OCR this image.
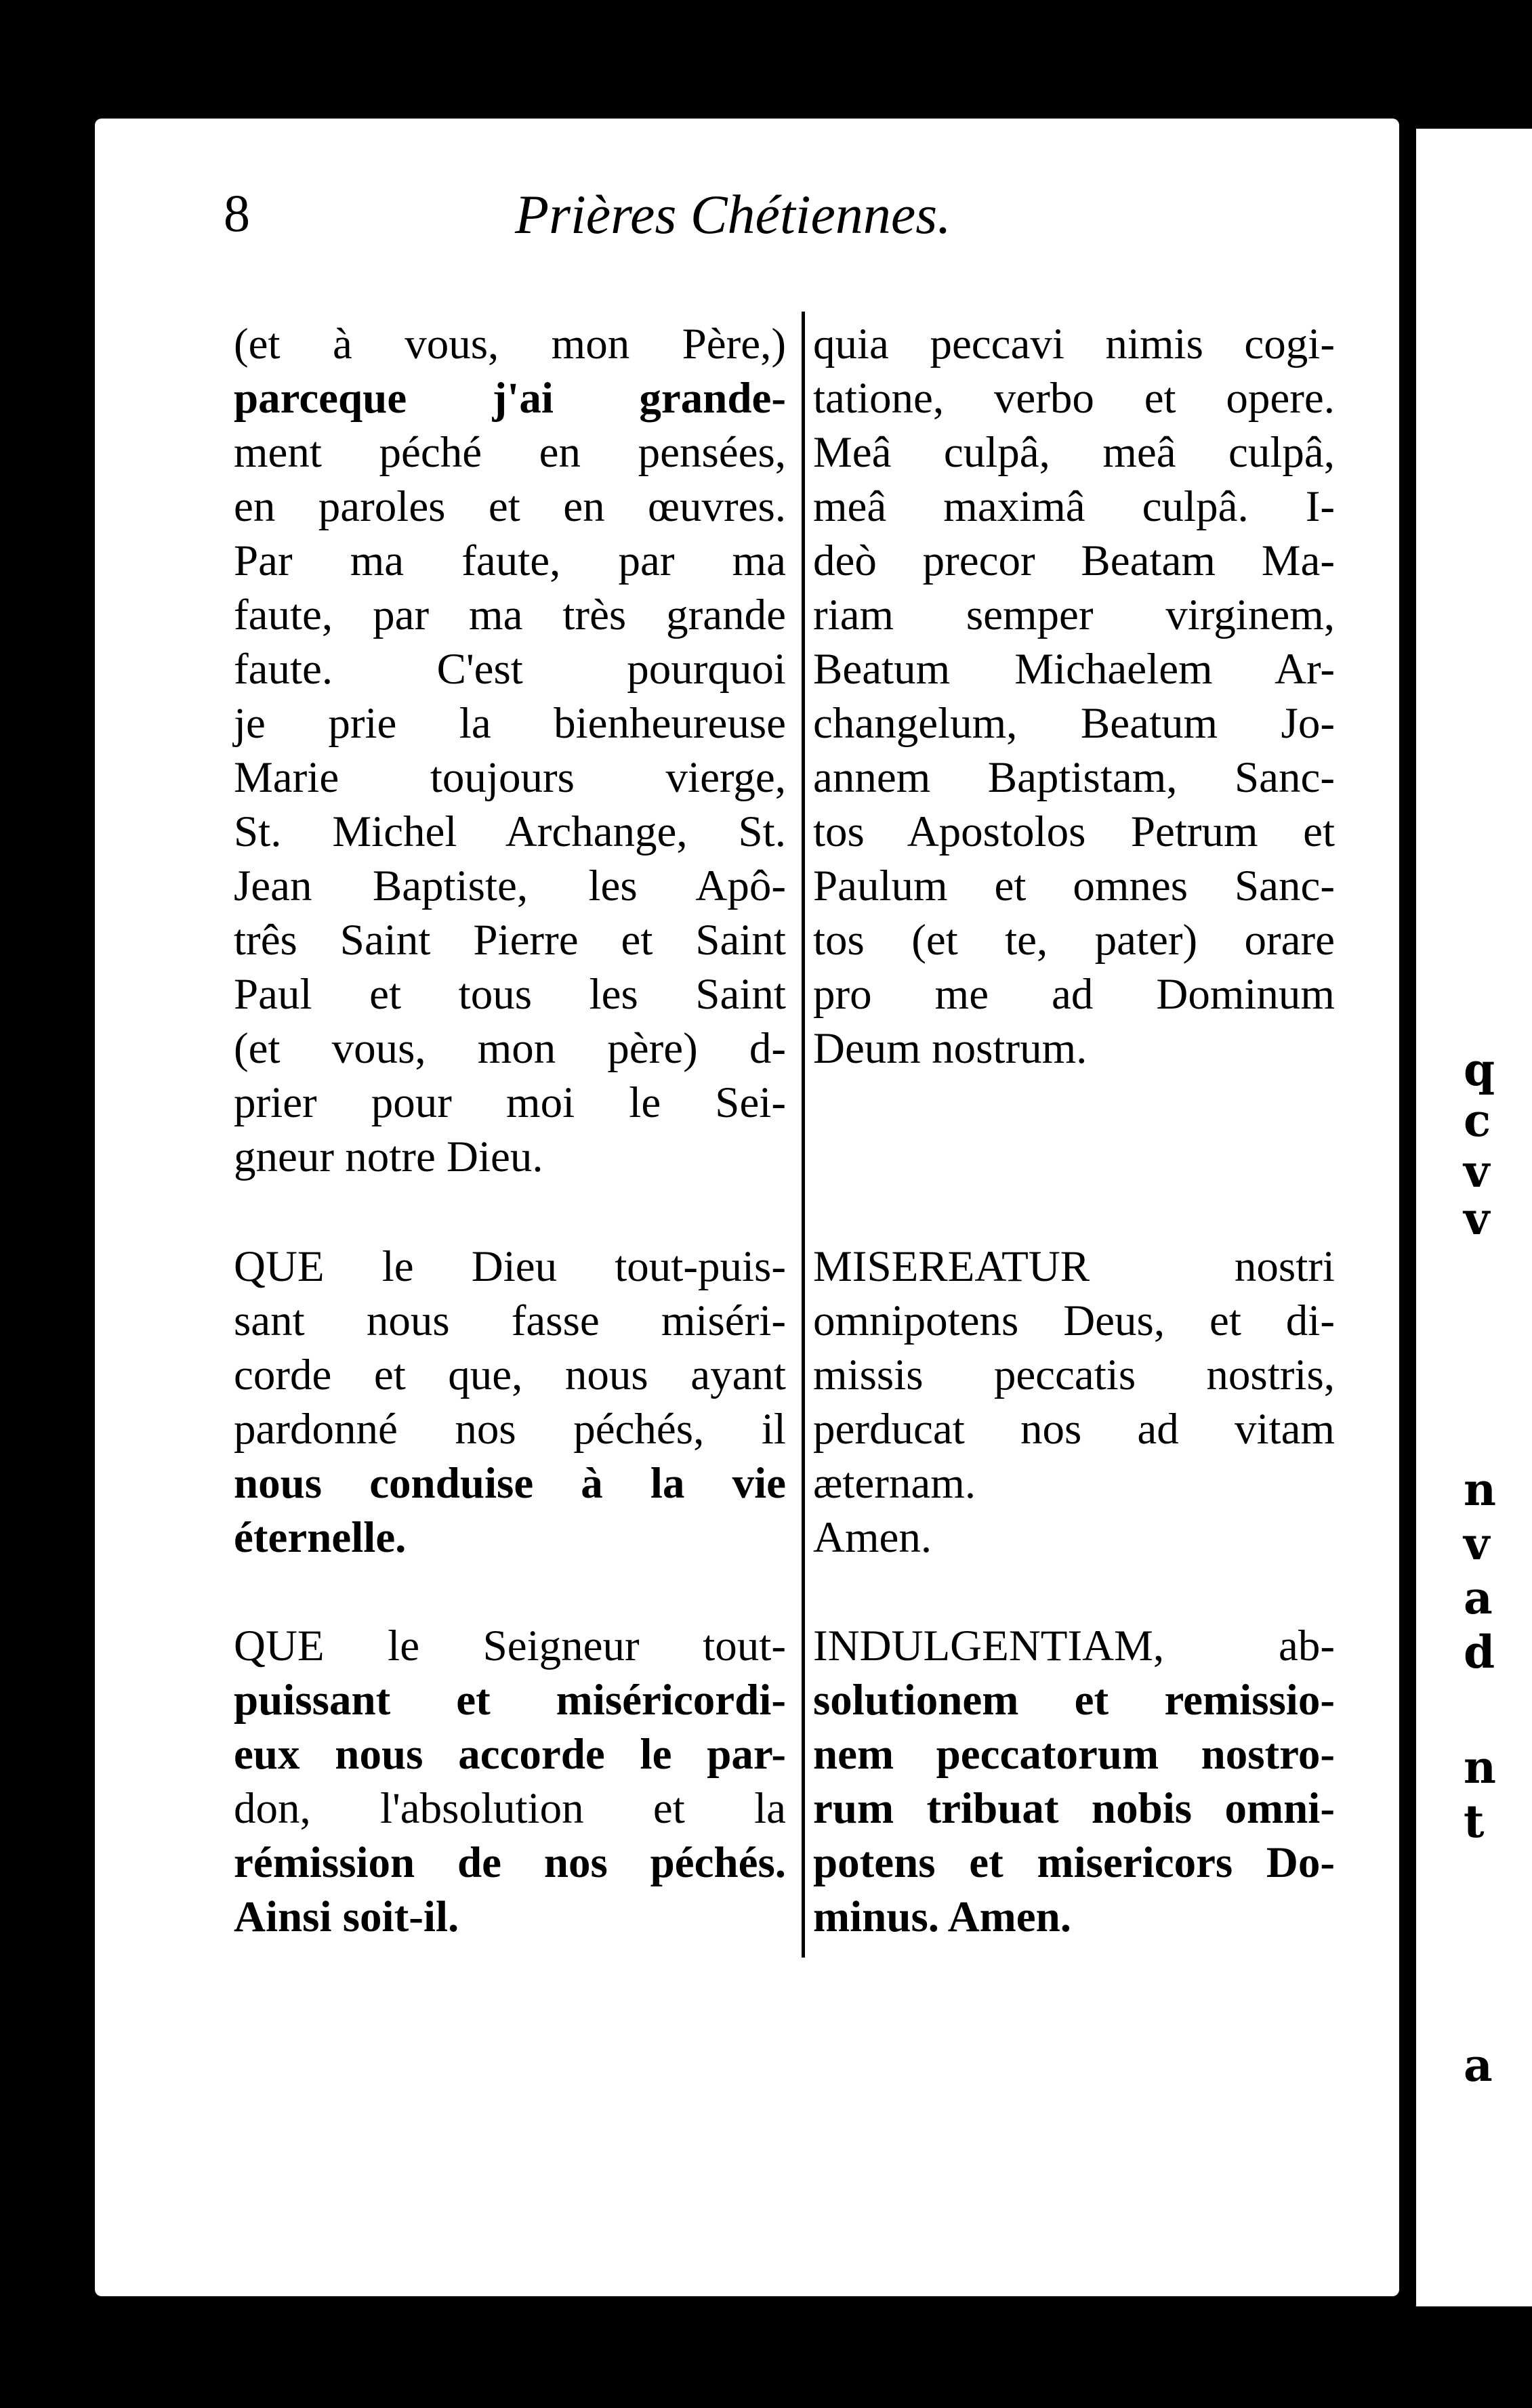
q
c
v
v
n
v
a
d
n
t
a
8	Prières Chétiennes.
(et à vous, mon Père,)
parceque j'ai grande-
ment péché en pensées,
en paroles et en œuvres.
Par ma faute, par ma
faute, par ma très grande
faute. C'est pourquoi
je prie la bienheureuse
Marie toujours vierge,
St. Michel Archange, St.
Jean Baptiste, les Apô-
três Saint Pierre et Saint
Paul et tous les Saint
(et vous, mon père) d-
prier pour moi le Sei-
gneur notre Dieu.
quia peccavi nimis cogi-
tatione, verbo et opere.
Meâ culpâ, meâ culpâ,
meâ maximâ culpâ. I-
deò precor Beatam Ma-
riam semper virginem,
Beatum Michaelem Ar-
changelum, Beatum Jo-
annem Baptistam, Sanc-
tos Apostolos Petrum et
Paulum et omnes Sanc-
tos (et te, pater) orare
pro me ad Dominum
Deum nostrum.
QUE le Dieu tout-puis-
sant nous fasse miséri-
corde et que, nous ayant
pardonné nos péchés, il
nous conduise à la vie
éternelle.
MISEREATUR nostri
omnipotens Deus, et di-
missis peccatis nostris,
perducat nos ad vitam
æternam.
Amen.
QUE le Seigneur tout-
puissant et miséricordi-
eux nous accorde le par-
don, l'absolution et la
rémission de nos péchés.
Ainsi soit-il.
INDULGENTIAM, ab-
solutionem et remissio-
nem peccatorum nostro-
rum tribuat nobis omni-
potens et misericors Do-
minus. Amen.
